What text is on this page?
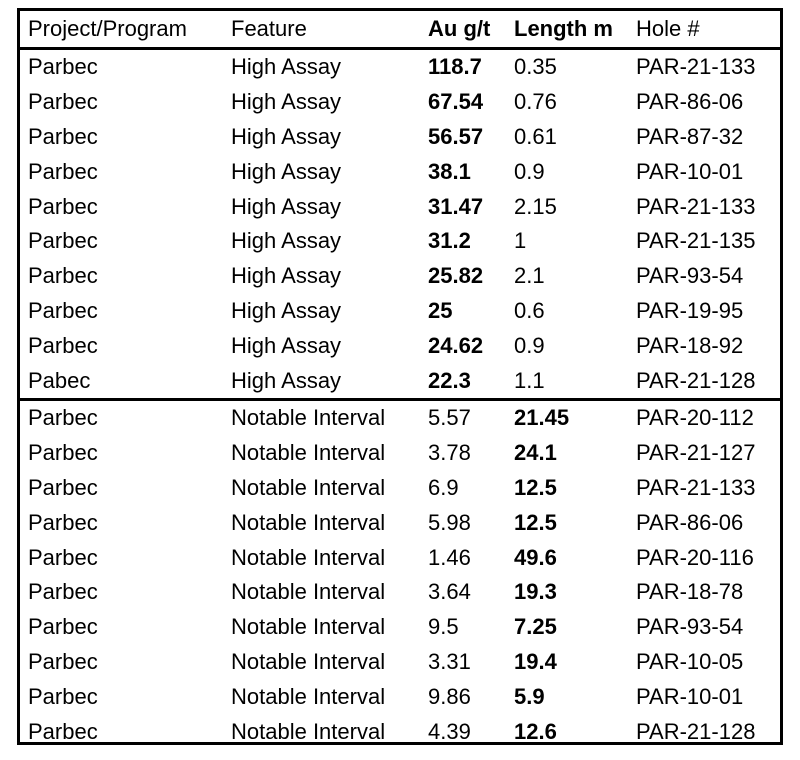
Project/Program	Feature	Au g/t	Length m	Hole #
Parbec	High Assay	118.7	0.35	PAR-21-133
Parbec	High Assay	67.54	0.76	PAR-86-06
Parbec	High Assay	56.57	0.61	PAR-87-32
Parbec	High Assay	38.1	0.9	PAR-10-01
Parbec	High Assay	31.47	2.15	PAR-21-133
Parbec	High Assay	31.2	1	PAR-21-135
Parbec	High Assay	25.82	2.1	PAR-93-54
Parbec	High Assay	25	0.6	PAR-19-95
Parbec	High Assay	24.62	0.9	PAR-18-92
Pabec	High Assay	22.3	1.1	PAR-21-128
Parbec	Notable Interval	5.57	21.45	PAR-20-112
Parbec	Notable Interval	3.78	24.1	PAR-21-127
Parbec	Notable Interval	6.9	12.5	PAR-21-133
Parbec	Notable Interval	5.98	12.5	PAR-86-06
Parbec	Notable Interval	1.46	49.6	PAR-20-116
Parbec	Notable Interval	3.64	19.3	PAR-18-78
Parbec	Notable Interval	9.5	7.25	PAR-93-54
Parbec	Notable Interval	3.31	19.4	PAR-10-05
Parbec	Notable Interval	9.86	5.9	PAR-10-01
Parbec	Notable Interval	4.39	12.6	PAR-21-128
